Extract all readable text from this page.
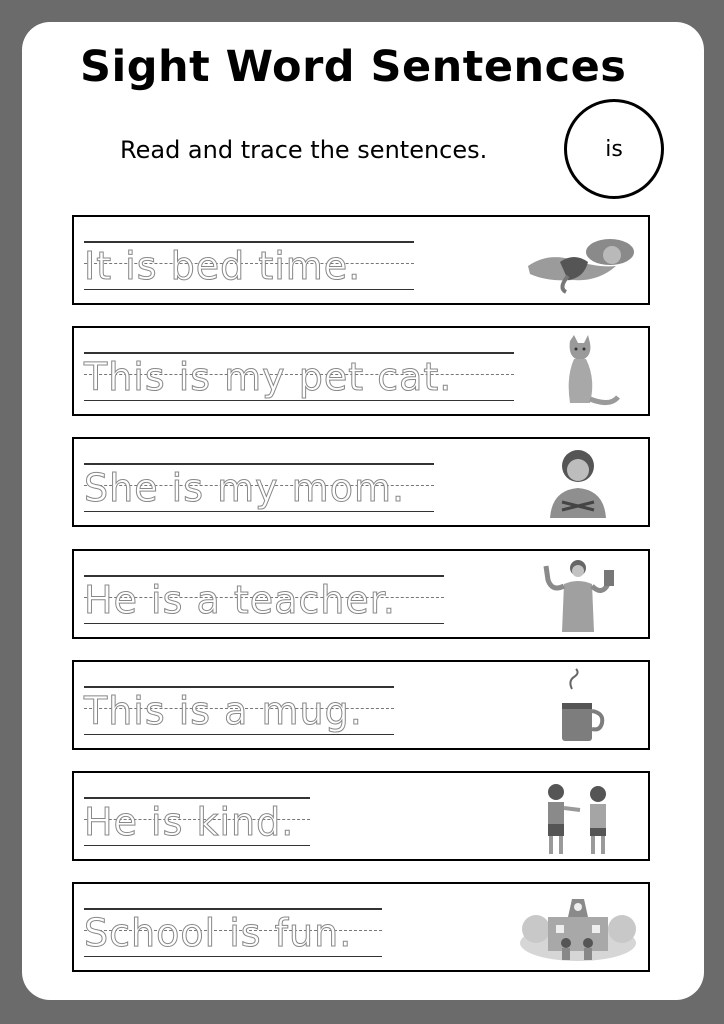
Sight Word Sentences
Read and trace the sentences.	is
It is bed time.
This is my pet cat.
She is my mom.
He is a teacher.
This is a mug.
He is kind.
School is fun.
